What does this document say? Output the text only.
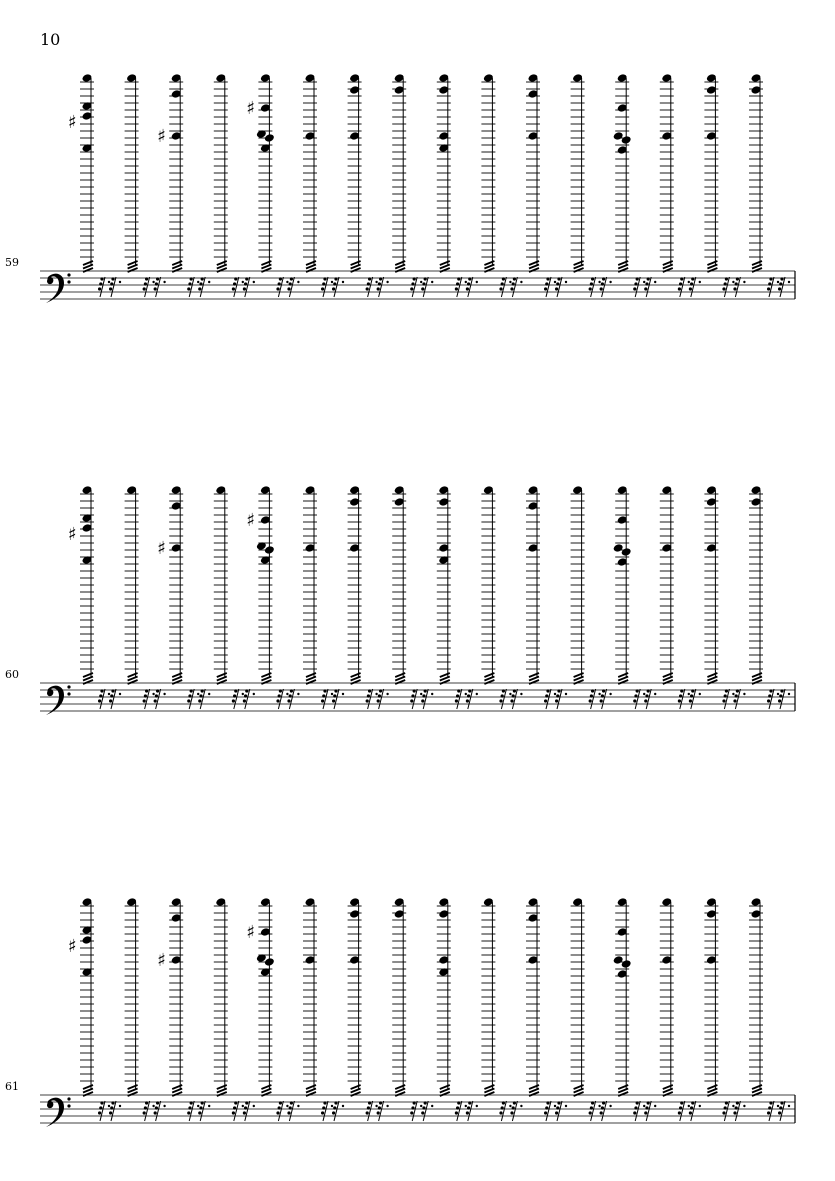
10
59
60
61
♯
♯
♯
♯
♯
♯
♯
♯
♯
